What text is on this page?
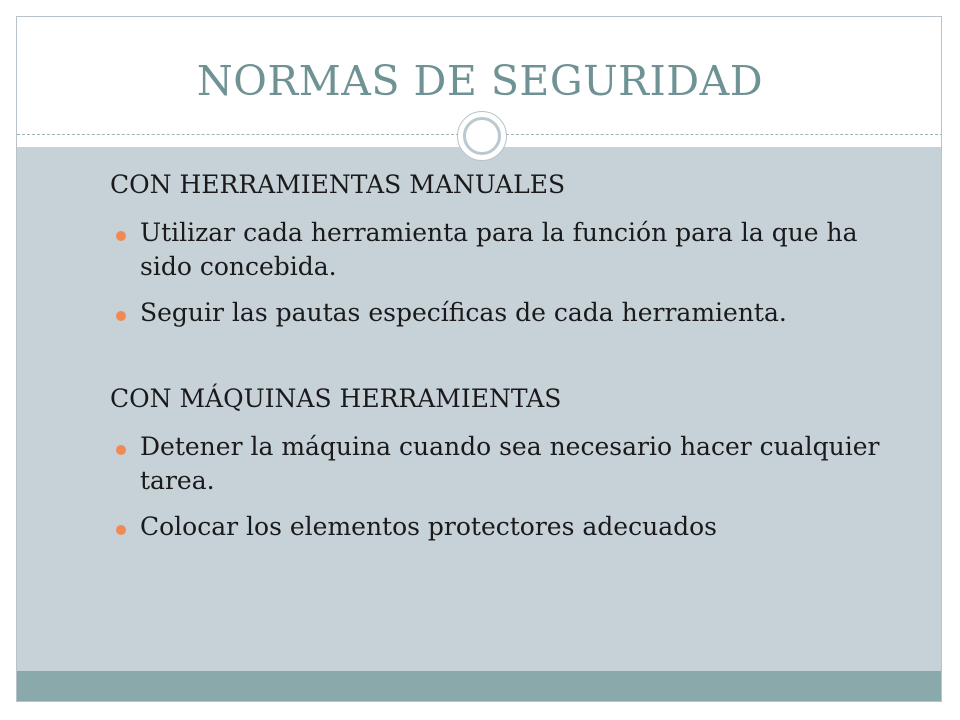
NORMAS DE SEGURIDAD

CON HERRAMIENTAS MANUALES

Utilizar cada herramienta para la función para la que ha sido concebida.
Seguir las pautas específicas de cada herramienta.

CON MÁQUINAS HERRAMIENTAS

Detener la máquina cuando sea necesario hacer cualquier tarea.
Colocar los elementos protectores adecuados
